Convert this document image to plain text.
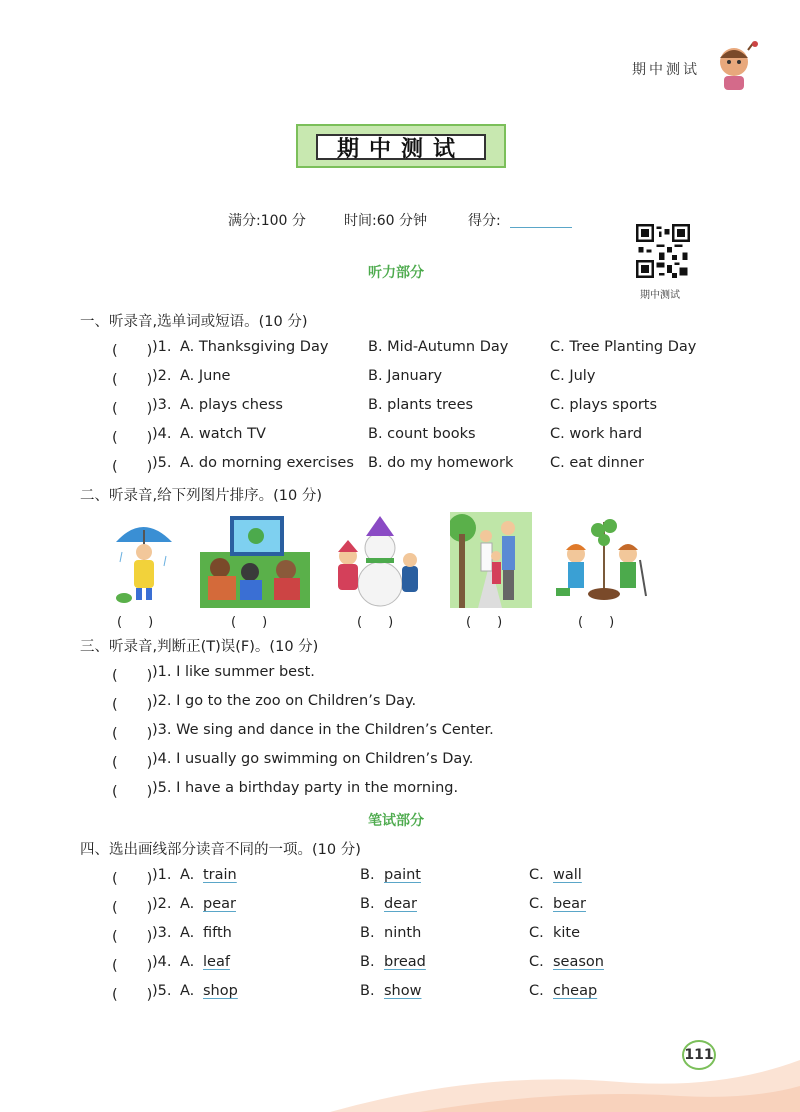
期中测试
期中测试
满分:100 分	时间:60 分钟	得分:
期中测试
听力部分
一、听录音,选单词或短语。(10 分)
(　　) )1. A. Thanksgiving Day	B. Mid-Autumn Day	C. Tree Planting Day
(　　) )2. A. June	B. January	C. July
(　　) )3. A. plays chess	B. plants trees	C. plays sports
(　　) )4. A. watch TV	B. count books	C. work hard
(　　) )5. A. do morning exercises B. do my homework	C. eat dinner
二、听录音,给下列图片排序。(10 分)
(　　)	(　　)	(　　)	(　　)	(　　)
三、听录音,判断正(T)误(F)。(10 分)
(　　) )1. I like summer best.
(　　) )2. I go to the zoo on Children’s Day.
(　　) )3. We sing and dance in the Children’s Center.
(　　) )4. I usually go swimming on Children’s Day.
(　　) )5. I have a birthday party in the morning.
笔试部分
四、选出画线部分读音不同的一项。(10 分)
(　　) )1. A. train	B. paint	C. wall
(　　) )2. A. pear	B. dear	C. bear
(　　) )3. A. fifth	B. ninth	C. kite
(　　) )4. A. leaf	B. bread	C. season
(　　) )5. A. shop	B. show	C. cheap
111
